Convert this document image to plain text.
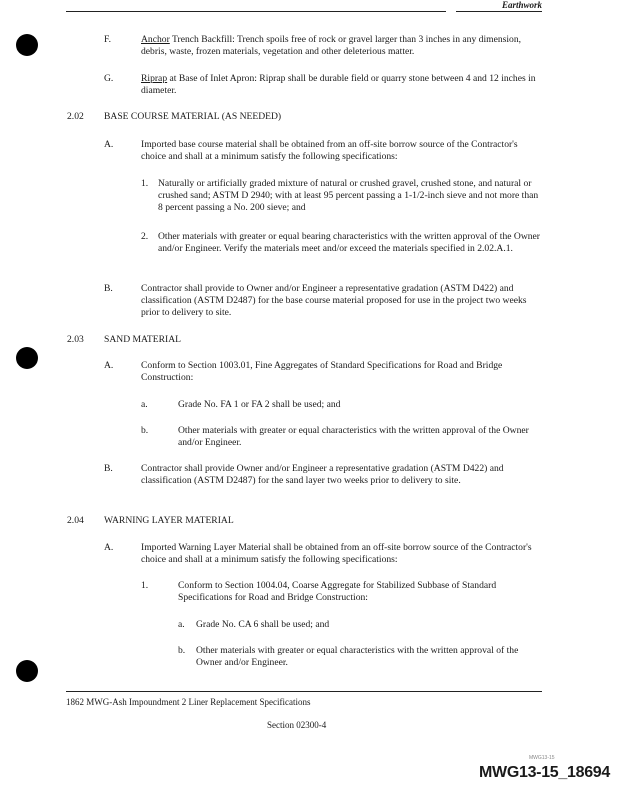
Earthwork
F.	Anchor Trench Backfill: Trench spoils free of rock or gravel larger than 3 inches in any dimension, debris, waste, frozen materials, vegetation and other deleterious matter.
G.	Riprap at Base of Inlet Apron: Riprap shall be durable field or quarry stone between 4 and 12 inches in diameter.
2.02 BASE COURSE MATERIAL (AS NEEDED)
A.	Imported base course material shall be obtained from an off-site borrow source of the Contractor's choice and shall at a minimum satisfy the following specifications:
1. Naturally or artificially graded mixture of natural or crushed gravel, crushed stone, and natural or crushed sand; ASTM D 2940; with at least 95 percent passing a 1-1/2-inch sieve and not more than 8 percent passing a No. 200 sieve; and
2. Other materials with greater or equal bearing characteristics with the written approval of the Owner and/or Engineer. Verify the materials meet and/or exceed the materials specified in 2.02.A.1.
B.	Contractor shall provide to Owner and/or Engineer a representative gradation (ASTM D422) and classification (ASTM D2487) for the base course material proposed for use in the project two weeks prior to delivery to site.
2.03 SAND MATERIAL
A.	Conform to Section 1003.01, Fine Aggregates of Standard Specifications for Road and Bridge Construction:
a.	Grade No. FA 1 or FA 2 shall be used; and
b.	Other materials with greater or equal characteristics with the written approval of the Owner and/or Engineer.
B.	Contractor shall provide Owner and/or Engineer a representative gradation (ASTM D422) and classification (ASTM D2487) for the sand layer two weeks prior to delivery to site.
2.04 WARNING LAYER MATERIAL
A.	Imported Warning Layer Material shall be obtained from an off-site borrow source of the Contractor's choice and shall at a minimum satisfy the following specifications:
1.	Conform to Section 1004.04, Coarse Aggregate for Stabilized Subbase of Standard Specifications for Road and Bridge Construction:
a. Grade No. CA 6 shall be used; and
b. Other materials with greater or equal characteristics with the written approval of the Owner and/or Engineer.
1862 MWG-Ash Impoundment 2 Liner Replacement Specifications
Section 02300-4
MWG13-15
MWG13-15_18694
